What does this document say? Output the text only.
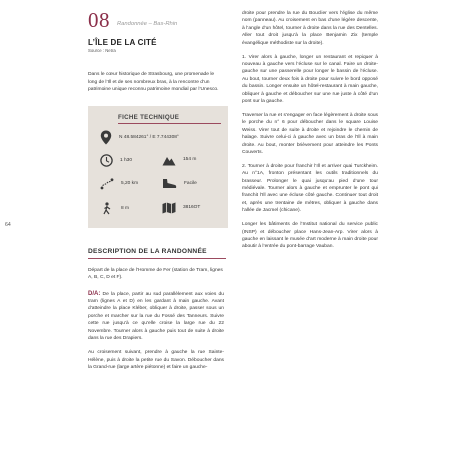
64
08 Randonnée – Bas-Rhin
L’ÎLE DE LA CITÉ
Source : Netra
Dans le cœur historique de Strasbourg, une promenade le long de l’Ill et de ses nombreux bras, à la rencontre d’un patrimoine unique reconnu patrimoine mondial par l’Unesco.
FICHE TECHNIQUE
N 48.584261° / E 7.744308°
1 h30	154 m
5,20 km	Facile
8 m	3816OT
DESCRIPTION DE LA RANDONNÉE
Départ de la place de l’Homme de Fer (station de Tram, lignes A, B, C, D et F).
D/A: De la place, partir au sud parallèlement aux voies du tram (lignes A et D) en les gardant à main gauche. Avant d’atteindre la place Kléber, obliquer à droite, passer sous un porche et marcher sur la rue du Fossé des Tanneurs. Suivre cette rue jusqu’à ce qu’elle croise la large rue du 22 Novembre. Tourner alors à gauche puis tout de suite à droite dans la rue des Drapiers.
Au croisement suivant, prendre à gauche la rue Sainte-Hélène, puis à droite la petite rue du Savon. Déboucher dans la Grand-rue (large artère piétonne) et faire un gauche-

droite pour prendre la rue du Bouclier vers l’église du même nom (panneau). Au croisement en bas d’une légère descente, à l’angle d’un hôtel, tourner à droite dans la rue des Dentelles. Aller tout droit jusqu’à la place Benjamin Zix (temple évangélique méthodiste sur la droite).

1. Virer alors à gauche, longer un restaurant et repiquer à nouveau à gauche vers l’écluse sur le canal. Faire un droite-gauche sur une passerelle pour longer le bassin de l’écluse. Au bout, tourner deux fois à droite pour suivre le bord opposé du bassin. Longer ensuite un hôtel-restaurant à main gauche, obliquer à gauche et déboucher sur une rue juste à côté d’un pont sur la gauche.

Traverser la rue et s’engager en face légèrement à droite sous le porche du n° 6 pour déboucher dans le square Louise Weiss. Virer tout de suite à droite et rejoindre le chemin de halage. Suivre celui-ci à gauche avec un bras de l’Ill à main droite. Au bout, monter brièvement pour atteindre les Ponts Couverts.

2. Tourner à droite pour franchir l’Ill et arriver quai Turckheim. Au n°1A, fronton présentant les outils traditionnels du brasseur. Prolonger le quai jusqu’au pied d’une tour médiévale. Tourner alors à gauche et emprunter le pont qui franchit l’Ill avec une écluse côté gauche. Continuer tout droit et, après une trentaine de mètres, obliquer à gauche dans l’allée de Jacmel (chicane).

Longer les bâtiments de l’Institut national du service public (INSP) et déboucher place Hans-Jean-Arp. Virer alors à gauche en laissant le musée d’art moderne à main droite pour aboutir à l’entrée du pont-barrage Vauban.
